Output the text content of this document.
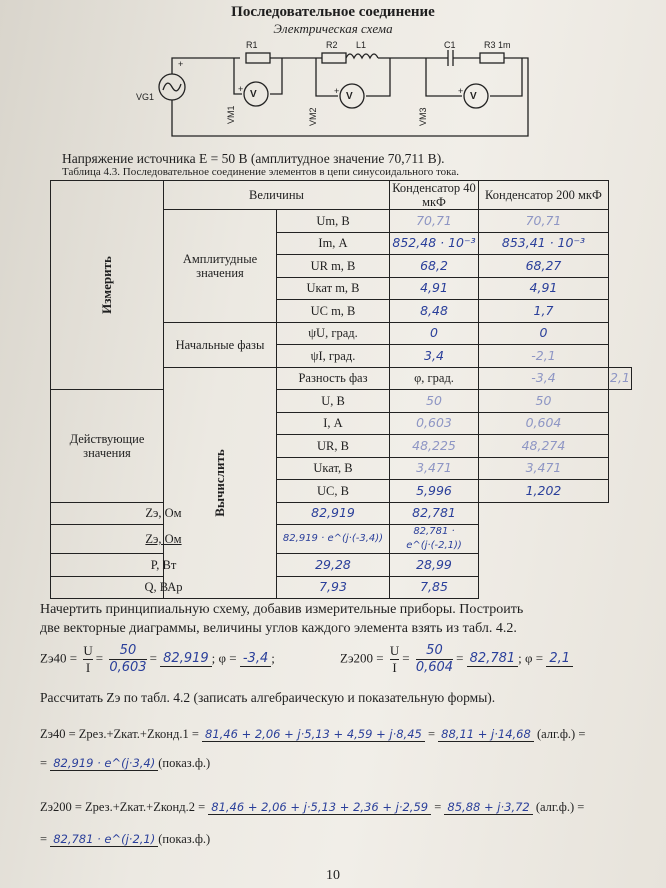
Последовательное соединение
Электрическая схема
R1	R2 L1	C1	R3 1m
VG1	V	V	V
VM1	VM2	VM3
+
+	+	+
Напряжение источника E = 50 В (амплитудное значение 70,711 В).
Таблица 4.3. Последовательное соединение элементов в цепи синусоидального тока.
Измерить	Величины		Конденсатор 40 мкФ	Конденсатор 200 мкФ	
	Амплитудные значения	Um, В	70,71	70,71	
		Im, А	852,48 · 10⁻³	853,41 · 10⁻³	
		UR m, В	68,2	68,27	
		Uкат m, В	4,91	4,91	
		UC m, В	8,48	1,7	
	Начальные фазы	ψU, град.	0	0	
		ψI, град.	3,4	-2,1	

	Вычислить	Разность фаз	φ, град.	-3,4	2,1
Действующие значения		U, В	50	50	
		I, А	0,603	0,604	
		UR, В	48,225	48,274	
		Uкат, В	3,471	3,471	
		UC, В	5,996	1,202	
Zэ, Ом		82,919	82,781		
Zэ, Ом		82,919 · e^(j·(-3,4))	82,781 · e^(j·(-2,1))		
P, Вт		29,28	28,99		
Q, ВАр		7,93	7,85		
Начертить принципиальную схему, добавив измерительные приборы. Построить
две векторные диаграммы, величины углов каждого элемента взять из табл. 4.2.
$Zэ40 = \frac{U}{I} = \frac{50}{0,603} = 82,919$ ; φ = -3,4 ;	$Zэ200 = \frac{U}{I} = \frac{50}{0,604} = 82,781$ ; φ = 2,1
Рассчитать Zэ по табл. 4.2 (записать алгебраическую и показательную формы).
Zэ40 = Zрез.+Zкат.+Zконд.1 = 81,46 + 2,06 + j·5,13 + 4,59 + j·8,45 = 88,11 + j·14,68 (алг.ф.) =
= 82,919 · e^(j·3,4) (показ.ф.)
Zэ200 = Zрез.+Zкат.+Zконд.2 = 81,46 + 2,06 + j·5,13 + 2,36 + j·2,59 = 85,88 + j·3,72 (алг.ф.) =
= 82,781 · e^(j·2,1) (показ.ф.)
10
